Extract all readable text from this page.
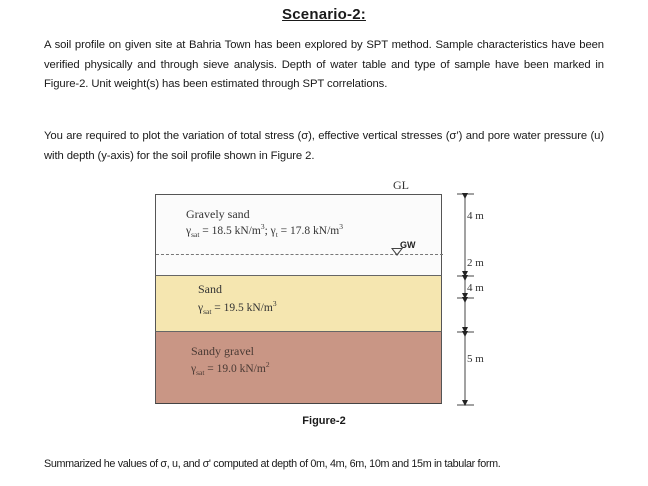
Scenario-2:
A soil profile on given site at Bahria Town has been explored by SPT method. Sample characteristics have been verified physically and through sieve analysis. Depth of water table and type of sample have been marked in Figure-2. Unit weight(s) has been estimated through SPT correlations.
You are required to plot the variation of total stress (σ), effective vertical stresses (σ’) and pore water pressure (u) with depth (y-axis) for the soil profile shown in Figure 2.
GL
Gravely sand
$\gamma_{sat} = 18.5$ $kN/m^3$; $\gamma_t = 17.8$ $kN/m^3$
GW
Sand
$\gamma_{sat} = 19.5$ $kN/m^3$
Sandy gravel
$\gamma_{sat} = 19.0$ $kN/m^2$
4 m
2 m
4 m
5 m
Figure-2
Summarized he values of σ, u, and σ' computed at depth of 0m, 4m, 6m, 10m and 15m in tabular form.
